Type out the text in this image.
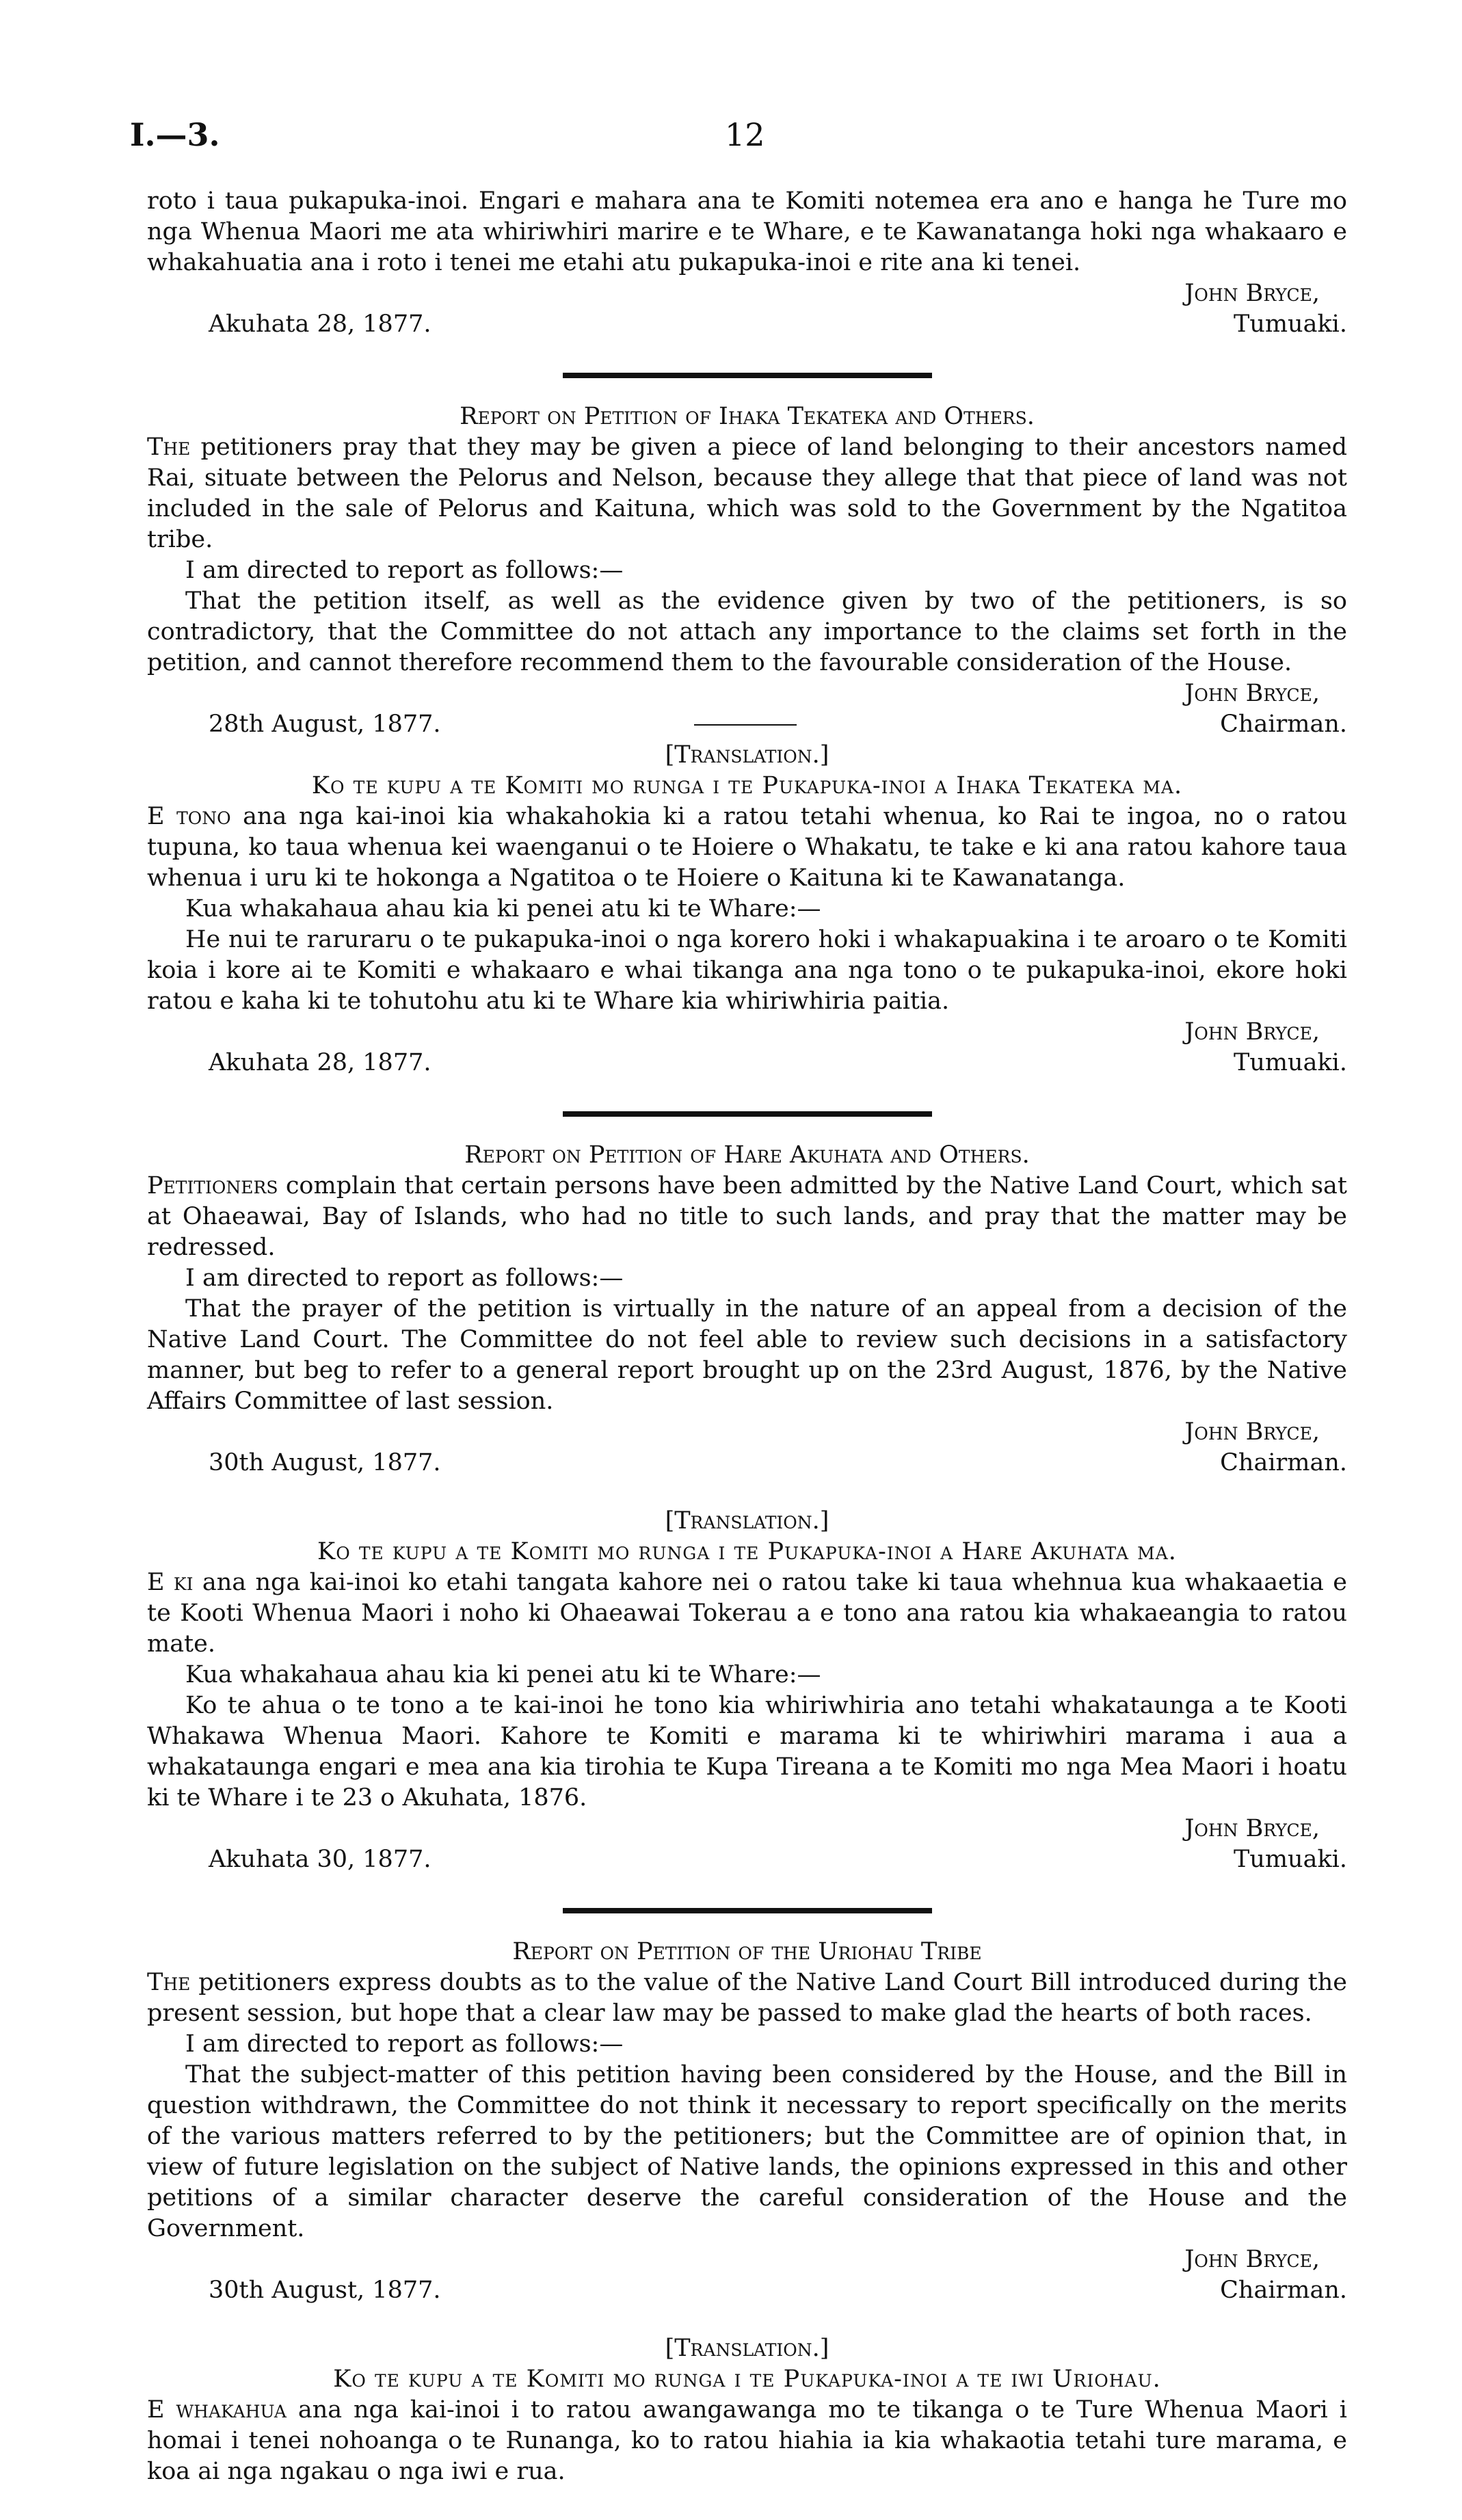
I.—3.	12

roto i taua pukapuka-inoi. Engari e mahara ana te Komiti notemea era ano e hanga he Ture mo nga Whenua Maori me ata whiriwhiri marire e te Whare, e te Kawanatanga hoki nga whakaaro e whakahuatia ana i roto i tenei me etahi atu pukapuka-inoi e rite ana ki tenei.

John Bryce,
Akuhata 28, 1877.	Tumuaki.

Report on Petition of Ihaka Tekateka and Others.

The petitioners pray that they may be given a piece of land belonging to their ancestors named Rai, situate between the Pelorus and Nelson, because they allege that that piece of land was not included in the sale of Pelorus and Kaituna, which was sold to the Government by the Ngatitoa tribe.

I am directed to report as follows:—

That the petition itself, as well as the evidence given by two of the petitioners, is so contradictory, that the Committee do not attach any importance to the claims set forth in the petition, and cannot therefore recommend them to the favourable consideration of the House.

John Bryce,
28th August, 1877.	Chairman.

[Translation.]

Ko te kupu a te Komiti mo runga i te Pukapuka-inoi a Ihaka Tekateka ma.

E tono ana nga kai-inoi kia whakahokia ki a ratou tetahi whenua, ko Rai te ingoa, no o ratou tupuna, ko taua whenua kei waenganui o te Hoiere o Whakatu, te take e ki ana ratou kahore taua whenua i uru ki te hokonga a Ngatitoa o te Hoiere o Kaituna ki te Kawanatanga.

Kua whakahaua ahau kia ki penei atu ki te Whare:—

He nui te raruraru o te pukapuka-inoi o nga korero hoki i whakapuakina i te aroaro o te Komiti koia i kore ai te Komiti e whakaaro e whai tikanga ana nga tono o te pukapuka-inoi, ekore hoki ratou e kaha ki te tohutohu atu ki te Whare kia whiriwhiria paitia.

John Bryce,
Akuhata 28, 1877.	Tumuaki.

Report on Petition of Hare Akuhata and Others.

Petitioners complain that certain persons have been admitted by the Native Land Court, which sat at Ohaeawai, Bay of Islands, who had no title to such lands, and pray that the matter may be redressed.

I am directed to report as follows:—

That the prayer of the petition is virtually in the nature of an appeal from a decision of the Native Land Court. The Committee do not feel able to review such decisions in a satisfactory manner, but beg to refer to a general report brought up on the 23rd August, 1876, by the Native Affairs Committee of last session.

John Bryce,
30th August, 1877.	Chairman.

[Translation.]

Ko te kupu a te Komiti mo runga i te Pukapuka-inoi a Hare Akuhata ma.

E ki ana nga kai-inoi ko etahi tangata kahore nei o ratou take ki taua whehnua kua whakaaetia e te Kooti Whenua Maori i noho ki Ohaeawai Tokerau a e tono ana ratou kia whakaeangia to ratou mate.

Kua whakahaua ahau kia ki penei atu ki te Whare:—

Ko te ahua o te tono a te kai-inoi he tono kia whiriwhiria ano tetahi whakataunga a te Kooti Whakawa Whenua Maori. Kahore te Komiti e marama ki te whiriwhiri marama i aua a whakataunga engari e mea ana kia tirohia te Kupa Tireana a te Komiti mo nga Mea Maori i hoatu ki te Whare i te 23 o Akuhata, 1876.

John Bryce,
Akuhata 30, 1877.	Tumuaki.

Report on Petition of the Uriohau Tribe

The petitioners express doubts as to the value of the Native Land Court Bill introduced during the present session, but hope that a clear law may be passed to make glad the hearts of both races.

I am directed to report as follows:—

That the subject-matter of this petition having been considered by the House, and the Bill in question withdrawn, the Committee do not think it necessary to report specifically on the merits of the various matters referred to by the petitioners; but the Committee are of opinion that, in view of future legislation on the subject of Native lands, the opinions expressed in this and other petitions of a similar character deserve the careful consideration of the House and the Government.

John Bryce,
30th August, 1877.	Chairman.

[Translation.]

Ko te kupu a te Komiti mo runga i te Pukapuka-inoi a te iwi Uriohau.

E whakahua ana nga kai-inoi i to ratou awangawanga mo te tikanga o te Ture Whenua Maori i homai i tenei nohoanga o te Runanga, ko to ratou hiahia ia kia whakaotia tetahi ture marama, e koa ai nga ngakau o nga iwi e rua.
